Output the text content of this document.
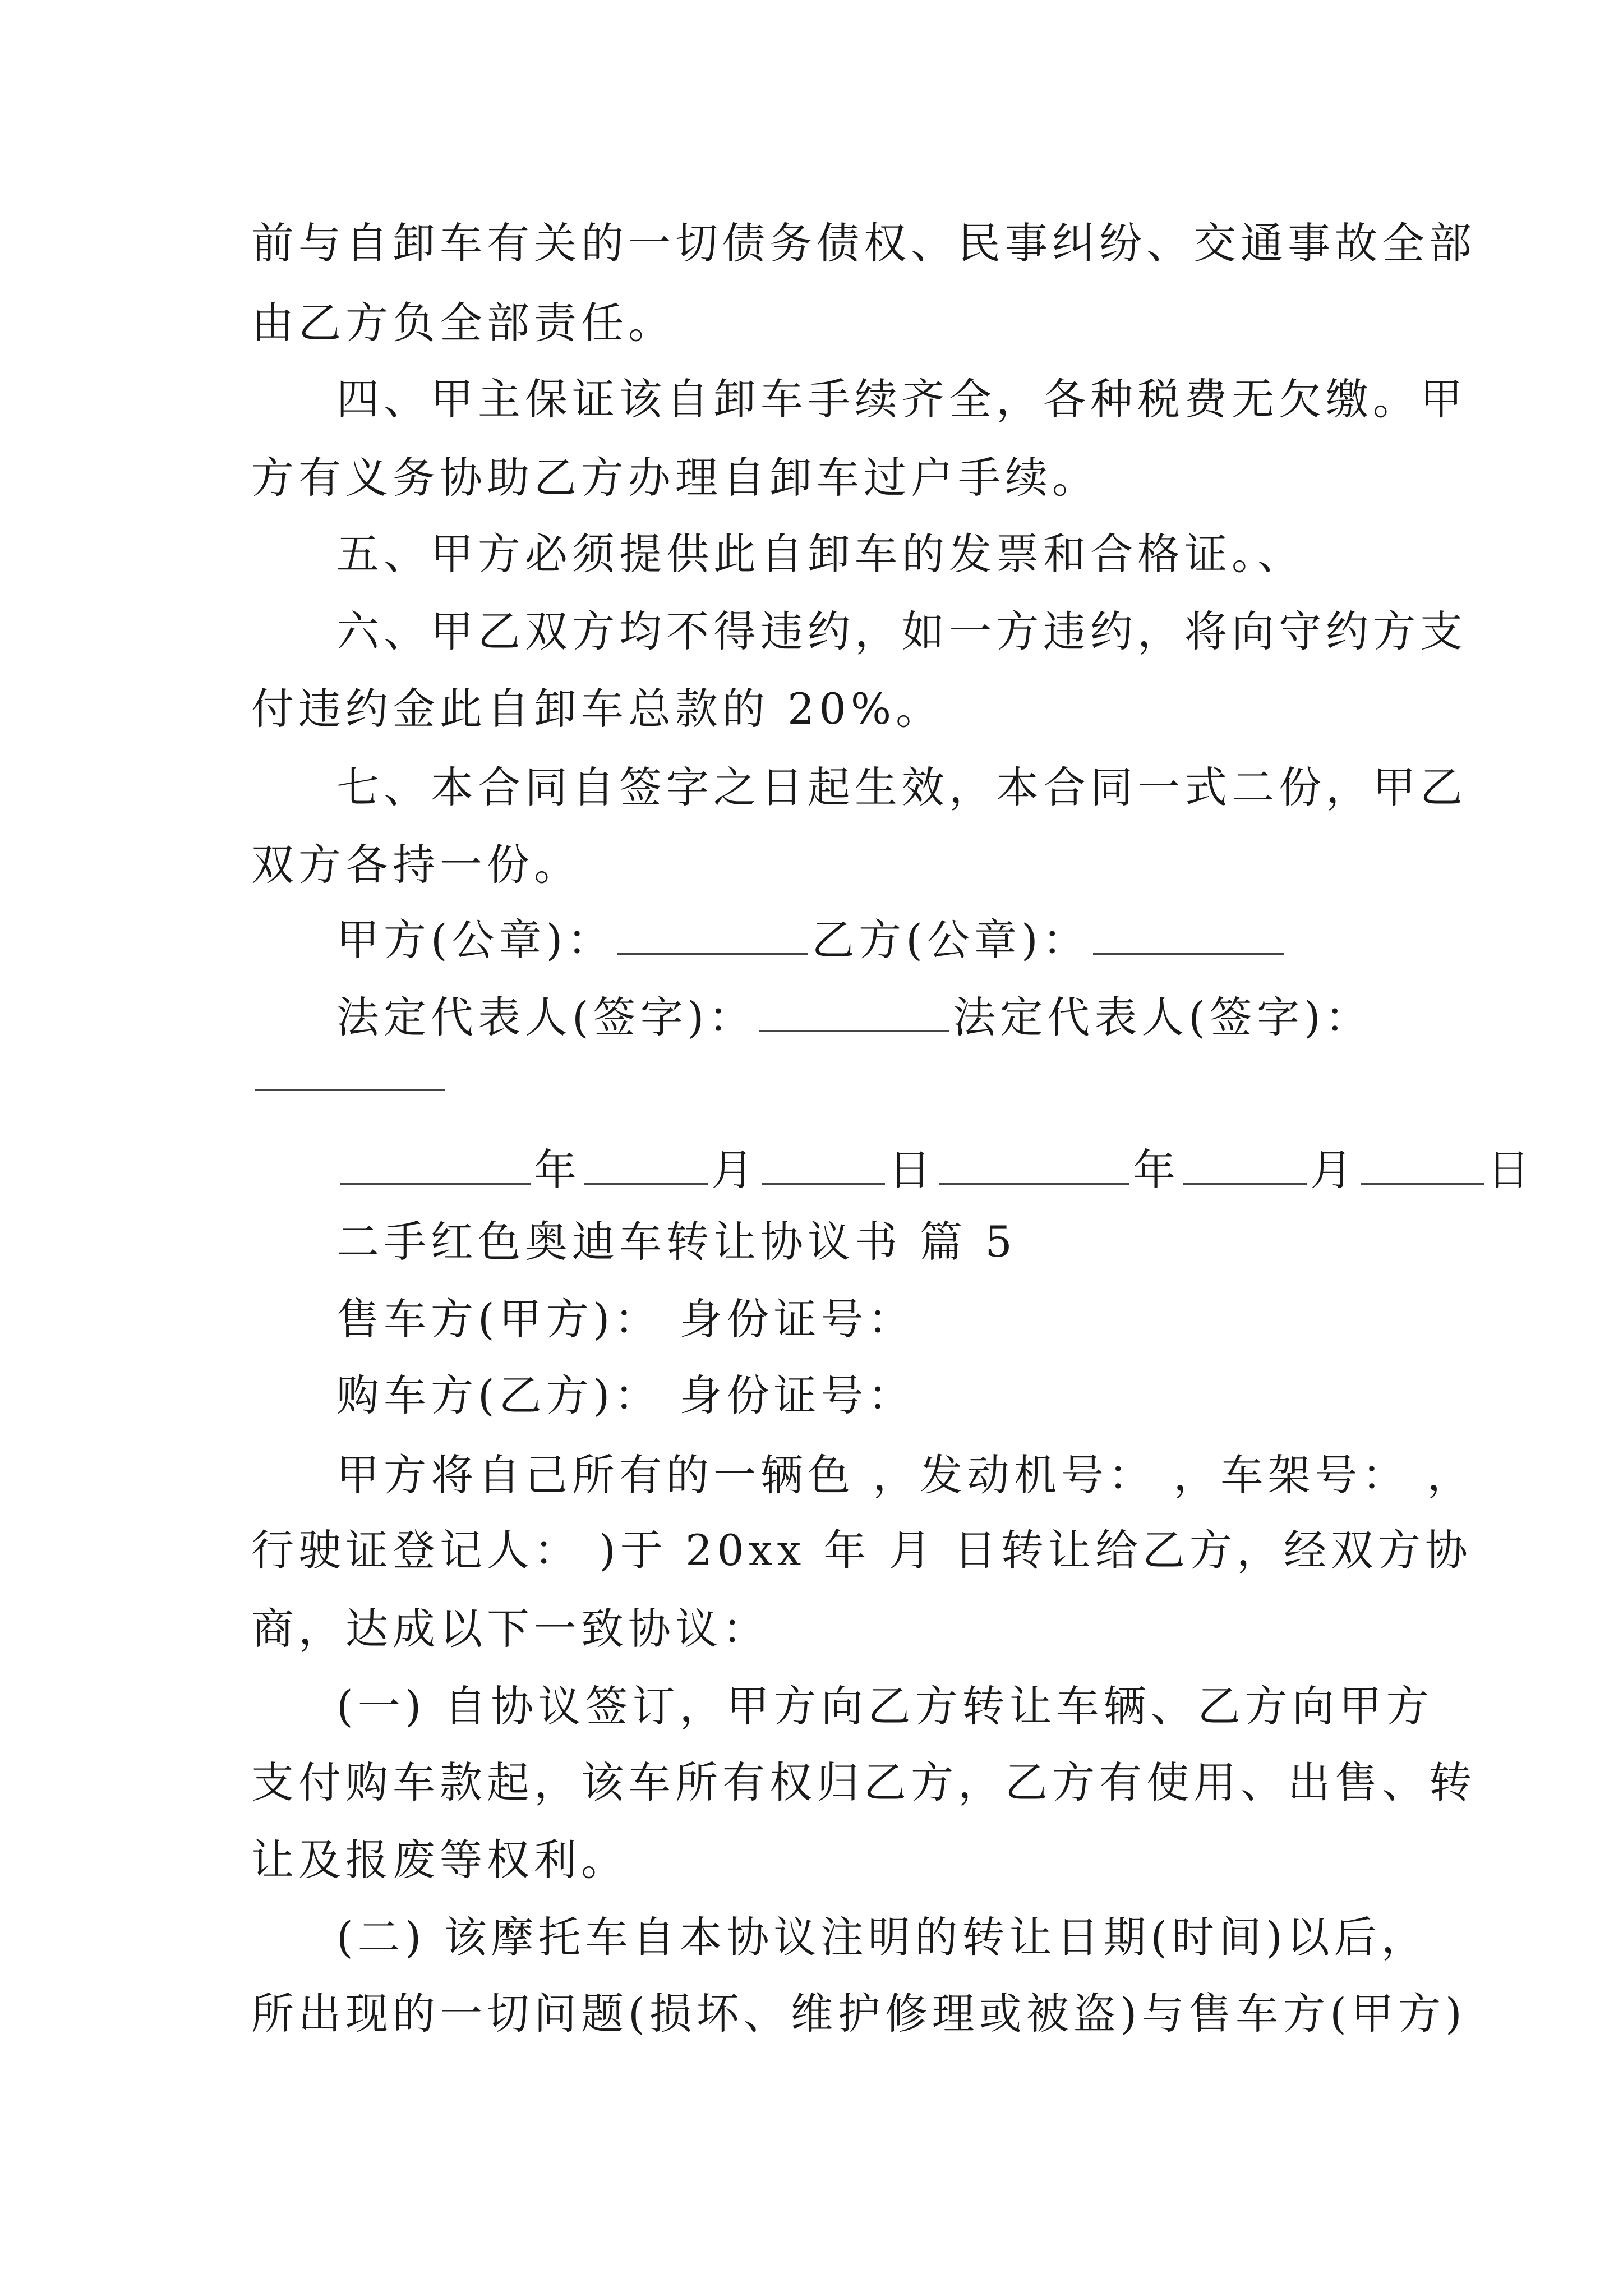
前与自卸车有关的一切债务债权、民事纠纷、交通事故全部
由乙方负全部责任。
四、甲主保证该自卸车手续齐全，各种税费无欠缴。甲
方有义务协助乙方办理自卸车过户手续。
五、甲方必须提供此自卸车的发票和合格证。、
六、甲乙双方均不得违约，如一方违约，将向守约方支
付违约金此自卸车总款的 20%。
七、本合同自签字之日起生效，本合同一式二份，甲乙
双方各持一份。
甲方(公章)：	乙方(公章)：
法定代表人(签字)：	法定代表人(签字)：
年	月	日	年	月	日
二手红色奥迪车转让协议书 篇 5
售车方(甲方)： 身份证号：
购车方(乙方)： 身份证号：
甲方将自己所有的一辆色 ，发动机号： ，车架号： ，
行驶证登记人： )于 20xx 年 月 日转让给乙方，经双方协
商，达成以下一致协议：
(一) 自协议签订，甲方向乙方转让车辆、乙方向甲方
支付购车款起，该车所有权归乙方，乙方有使用、出售、转
让及报废等权利。
(二) 该摩托车自本协议注明的转让日期(时间)以后，
所出现的一切问题(损坏、维护修理或被盗)与售车方(甲方)
